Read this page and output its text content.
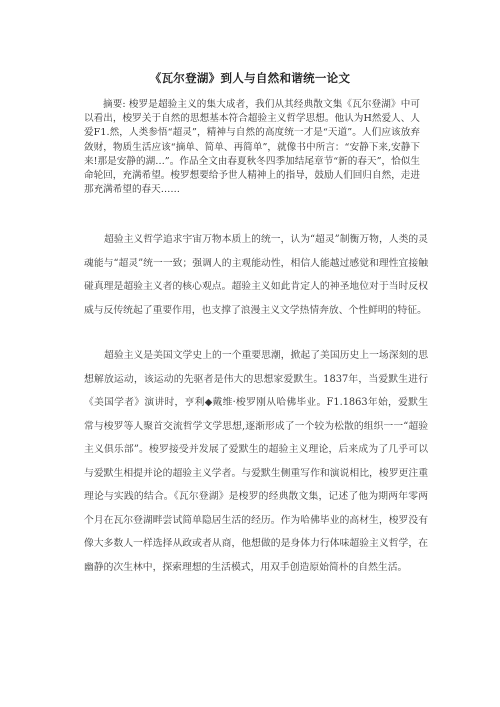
《瓦尔登湖》到人与自然和谐统一论文

摘要: 梭罗是超验主义的集大成者，我们从其经典散文集《瓦尔登湖》中可以看出，梭罗关于自然的思想基本符合超验主义哲学思想。他认为H然爱人、人爱F1.然，人类参悟“超灵”，精神与自然的高度统一才是“天道”。人们应该放弃敛财，物质生活应该“摘单、简单、再简单”，就像书中所言：“安静下来,安静下来!那是安静的湖…”。作品全文由春夏秋冬四季加结尾章节“新的春天”，恰似生命轮回，充满希望。梭罗想要给予世人精神上的指导，鼓励人们回归自然，走进那充满希望的春天……

超验主义哲学追求宇宙万物本质上的统一，认为“超灵”制衡万物，人类的灵魂能与“超灵”统一一致；强调人的主观能动性，相信人能越过感觉和理性宜接触碰真理是超验主义者的核心观点。超验主义如此肯定人的神圣地位对于当时反权威与反传统起了重要作用，也支撑了浪漫主义文学热情奔放、个性鲜明的特征。

超验主义是美国文学史上的一个重要思潮，掀起了美国历史上一场深刻的思想解放运动，该运动的先驱者是伟大的思想家爱默生。1837年，当爱默生进行《美国学者》演讲时，亨利◆戴维·梭罗刚从哈佛毕业。F1.1863年始，爱默生常与梭罗等人聚首交流哲学文学思想,逐渐形成了一个较为松散的组织一一“超验主义俱乐部”。梭罗接受并发展了爱默生的超验主义理论，后来成为了几乎可以与爱默生相提并论的超验主义学者。与爱默生侧重写作和演说相比，梭罗更注重理论与实践的结合。《瓦尔登湖》是梭罗的经典散文集，记述了他为期两年零两个月在瓦尔登湖畔尝试简单隐居生活的经历。作为哈佛毕业的高材生，梭罗没有像大多数人一样选择从政或者从商，他想做的是身体力行体味超验主义哲学，在幽静的次生林中，探索理想的生活模式，用双手创造原始简朴的自然生活。
